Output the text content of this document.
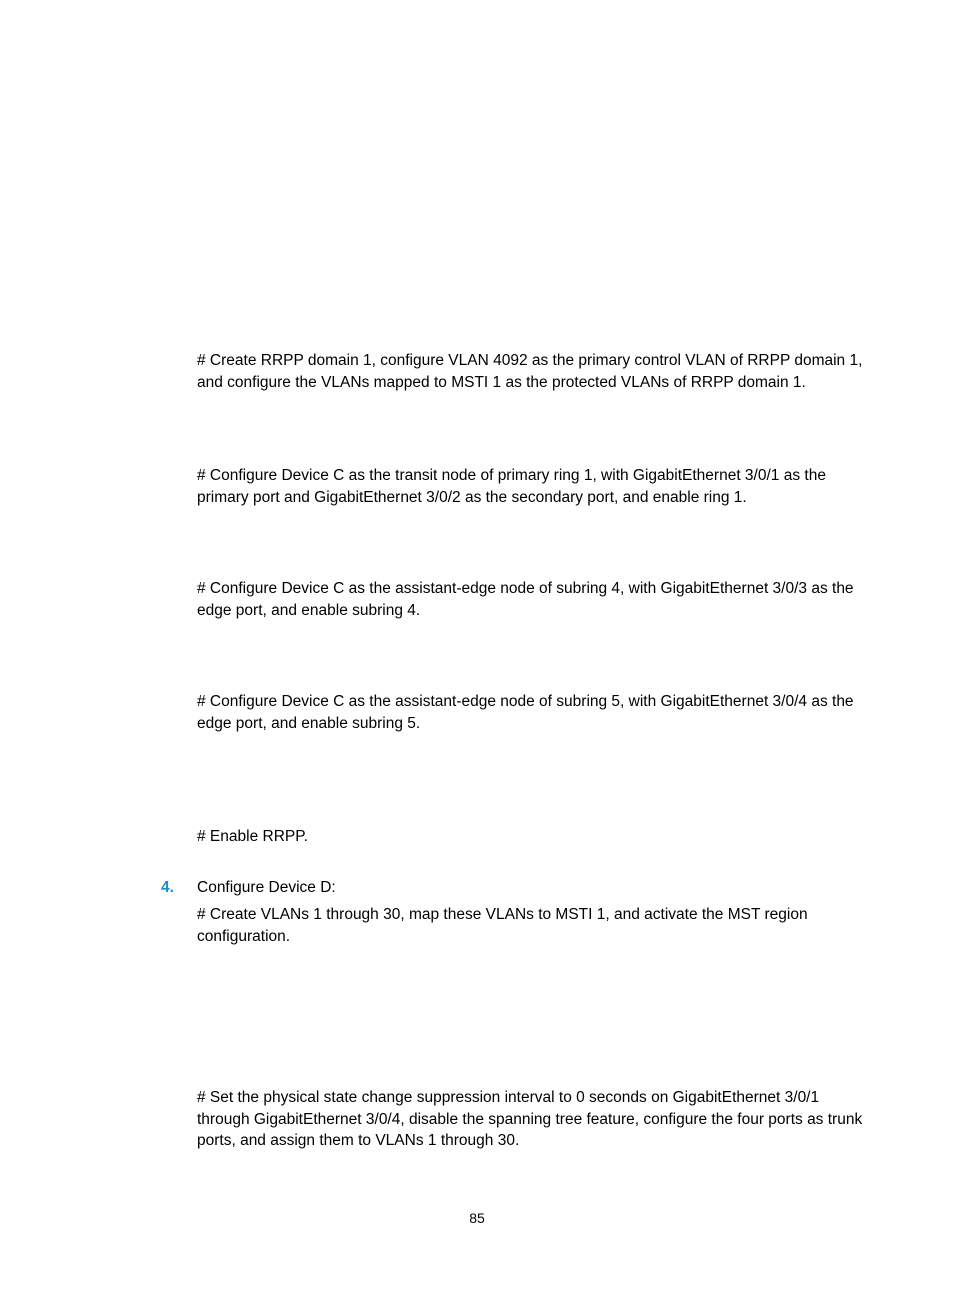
# Create RRPP domain 1, configure VLAN 4092 as the primary control VLAN of RRPP domain 1, and configure the VLANs mapped to MSTI 1 as the protected VLANs of RRPP domain 1.

# Configure Device C as the transit node of primary ring 1, with GigabitEthernet 3/0/1 as the primary port and GigabitEthernet 3/0/2 as the secondary port, and enable ring 1.

# Configure Device C as the assistant-edge node of subring 4, with GigabitEthernet 3/0/3 as the edge port, and enable subring 4.

# Configure Device C as the assistant-edge node of subring 5, with GigabitEthernet 3/0/4 as the edge port, and enable subring 5.

# Enable RRPP.

4. Configure Device D:

# Create VLANs 1 through 30, map these VLANs to MSTI 1, and activate the MST region configuration.

# Set the physical state change suppression interval to 0 seconds on GigabitEthernet 3/0/1 through GigabitEthernet 3/0/4, disable the spanning tree feature, configure the four ports as trunk ports, and assign them to VLANs 1 through 30.

85
